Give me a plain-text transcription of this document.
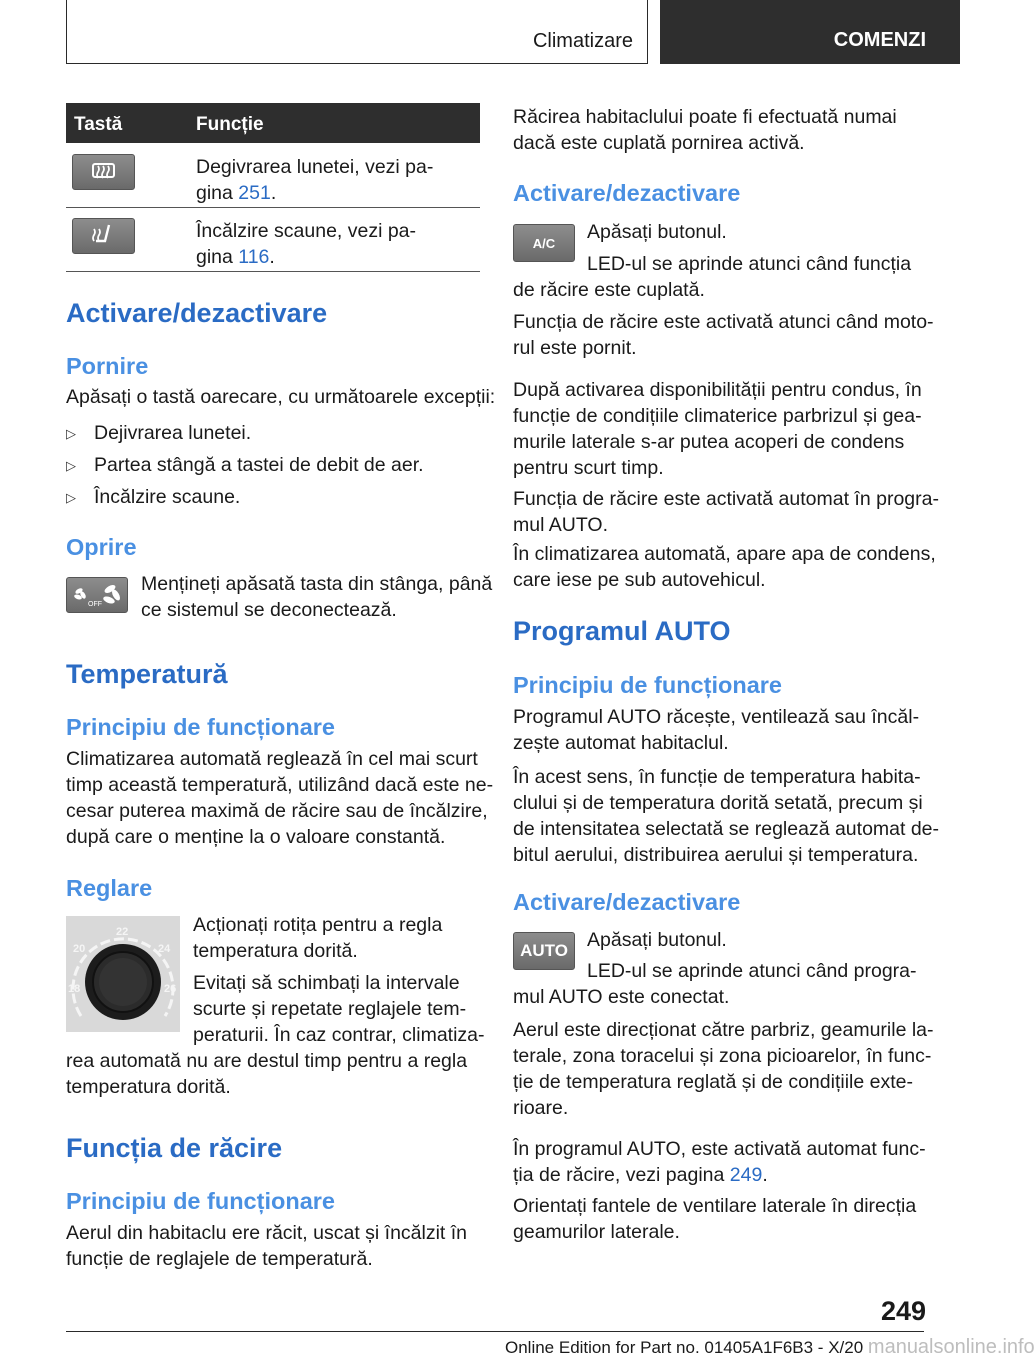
Climatizare	COMENZI
Tastă	Funcție

Degivrarea lunetei, vezi pa-

gina 251.

Încălzire scaune, vezi pa-

gina 116.

Activare/dezactivare
Pornire

Apăsați o tastă oarecare, cu următoarele excepții:

▷ Dejivrarea lunetei.

▷ Partea stângă a tastei de debit de aer.

▷ Încălzire scaune.

Oprire
OFF

Mențineți apăsată tasta din stânga, până

ce sistemul se deconectează.

Temperatură
Principiu de funcționare

Climatizarea automată reglează în cel mai scurt

timp această temperatură, utilizând dacă este ne-

cesar puterea maximă de răcire sau de încălzire,

după care o menține la o valoare constantă.

Reglare
18
20
22
24
26

Acționați rotița pentru a regla

temperatura dorită.

Evitați să schimbați la intervale

scurte și repetate reglajele tem-

peraturii. În caz contrar, climatiza-

rea automată nu are destul timp pentru a regla

temperatura dorită.

Funcția de răcire
Principiu de funcționare

Aerul din habitaclu ere răcit, uscat și încălzit în

funcție de reglajele de temperatură.

Răcirea habitaclului poate fi efectuată numai

dacă este cuplată pornirea activă.

Activare/dezactivare
A/C Apăsați butonul.

LED-ul se aprinde atunci când funcția

de răcire este cuplată.

Funcția de răcire este activată atunci când moto-

rul este pornit.

După activarea disponibilității pentru condus, în

funcție de condițiile climaterice parbrizul și gea-

murile laterale s-ar putea acoperi de condens

pentru scurt timp.

Funcția de răcire este activată automat în progra-

mul AUTO.

În climatizarea automată, apare apa de condens,

care iese pe sub autovehicul.

Programul AUTO
Principiu de funcționare

Programul AUTO răcește, ventilează sau încăl-

zește automat habitaclul.

În acest sens, în funcție de temperatura habita-

clului și de temperatura dorită setată, precum și

de intensitatea selectată se reglează automat de-

bitul aerului, distribuirea aerului și temperatura.

Activare/dezactivare
AUTO Apăsați butonul.

LED-ul se aprinde atunci când progra-

mul AUTO este conectat.

Aerul este direcționat către parbriz, geamurile la-

terale, zona toracelui și zona picioarelor, în func-

ție de temperatura reglată și de condițiile exte-

rioare.

În programul AUTO, este activată automat func-

ția de răcire, vezi pagina 249.

Orientați fantele de ventilare laterale în direcția

geamurilor laterale.

249
Online Edition for Part no. 01405A1F6B3 - X/20 manualsonline.info
